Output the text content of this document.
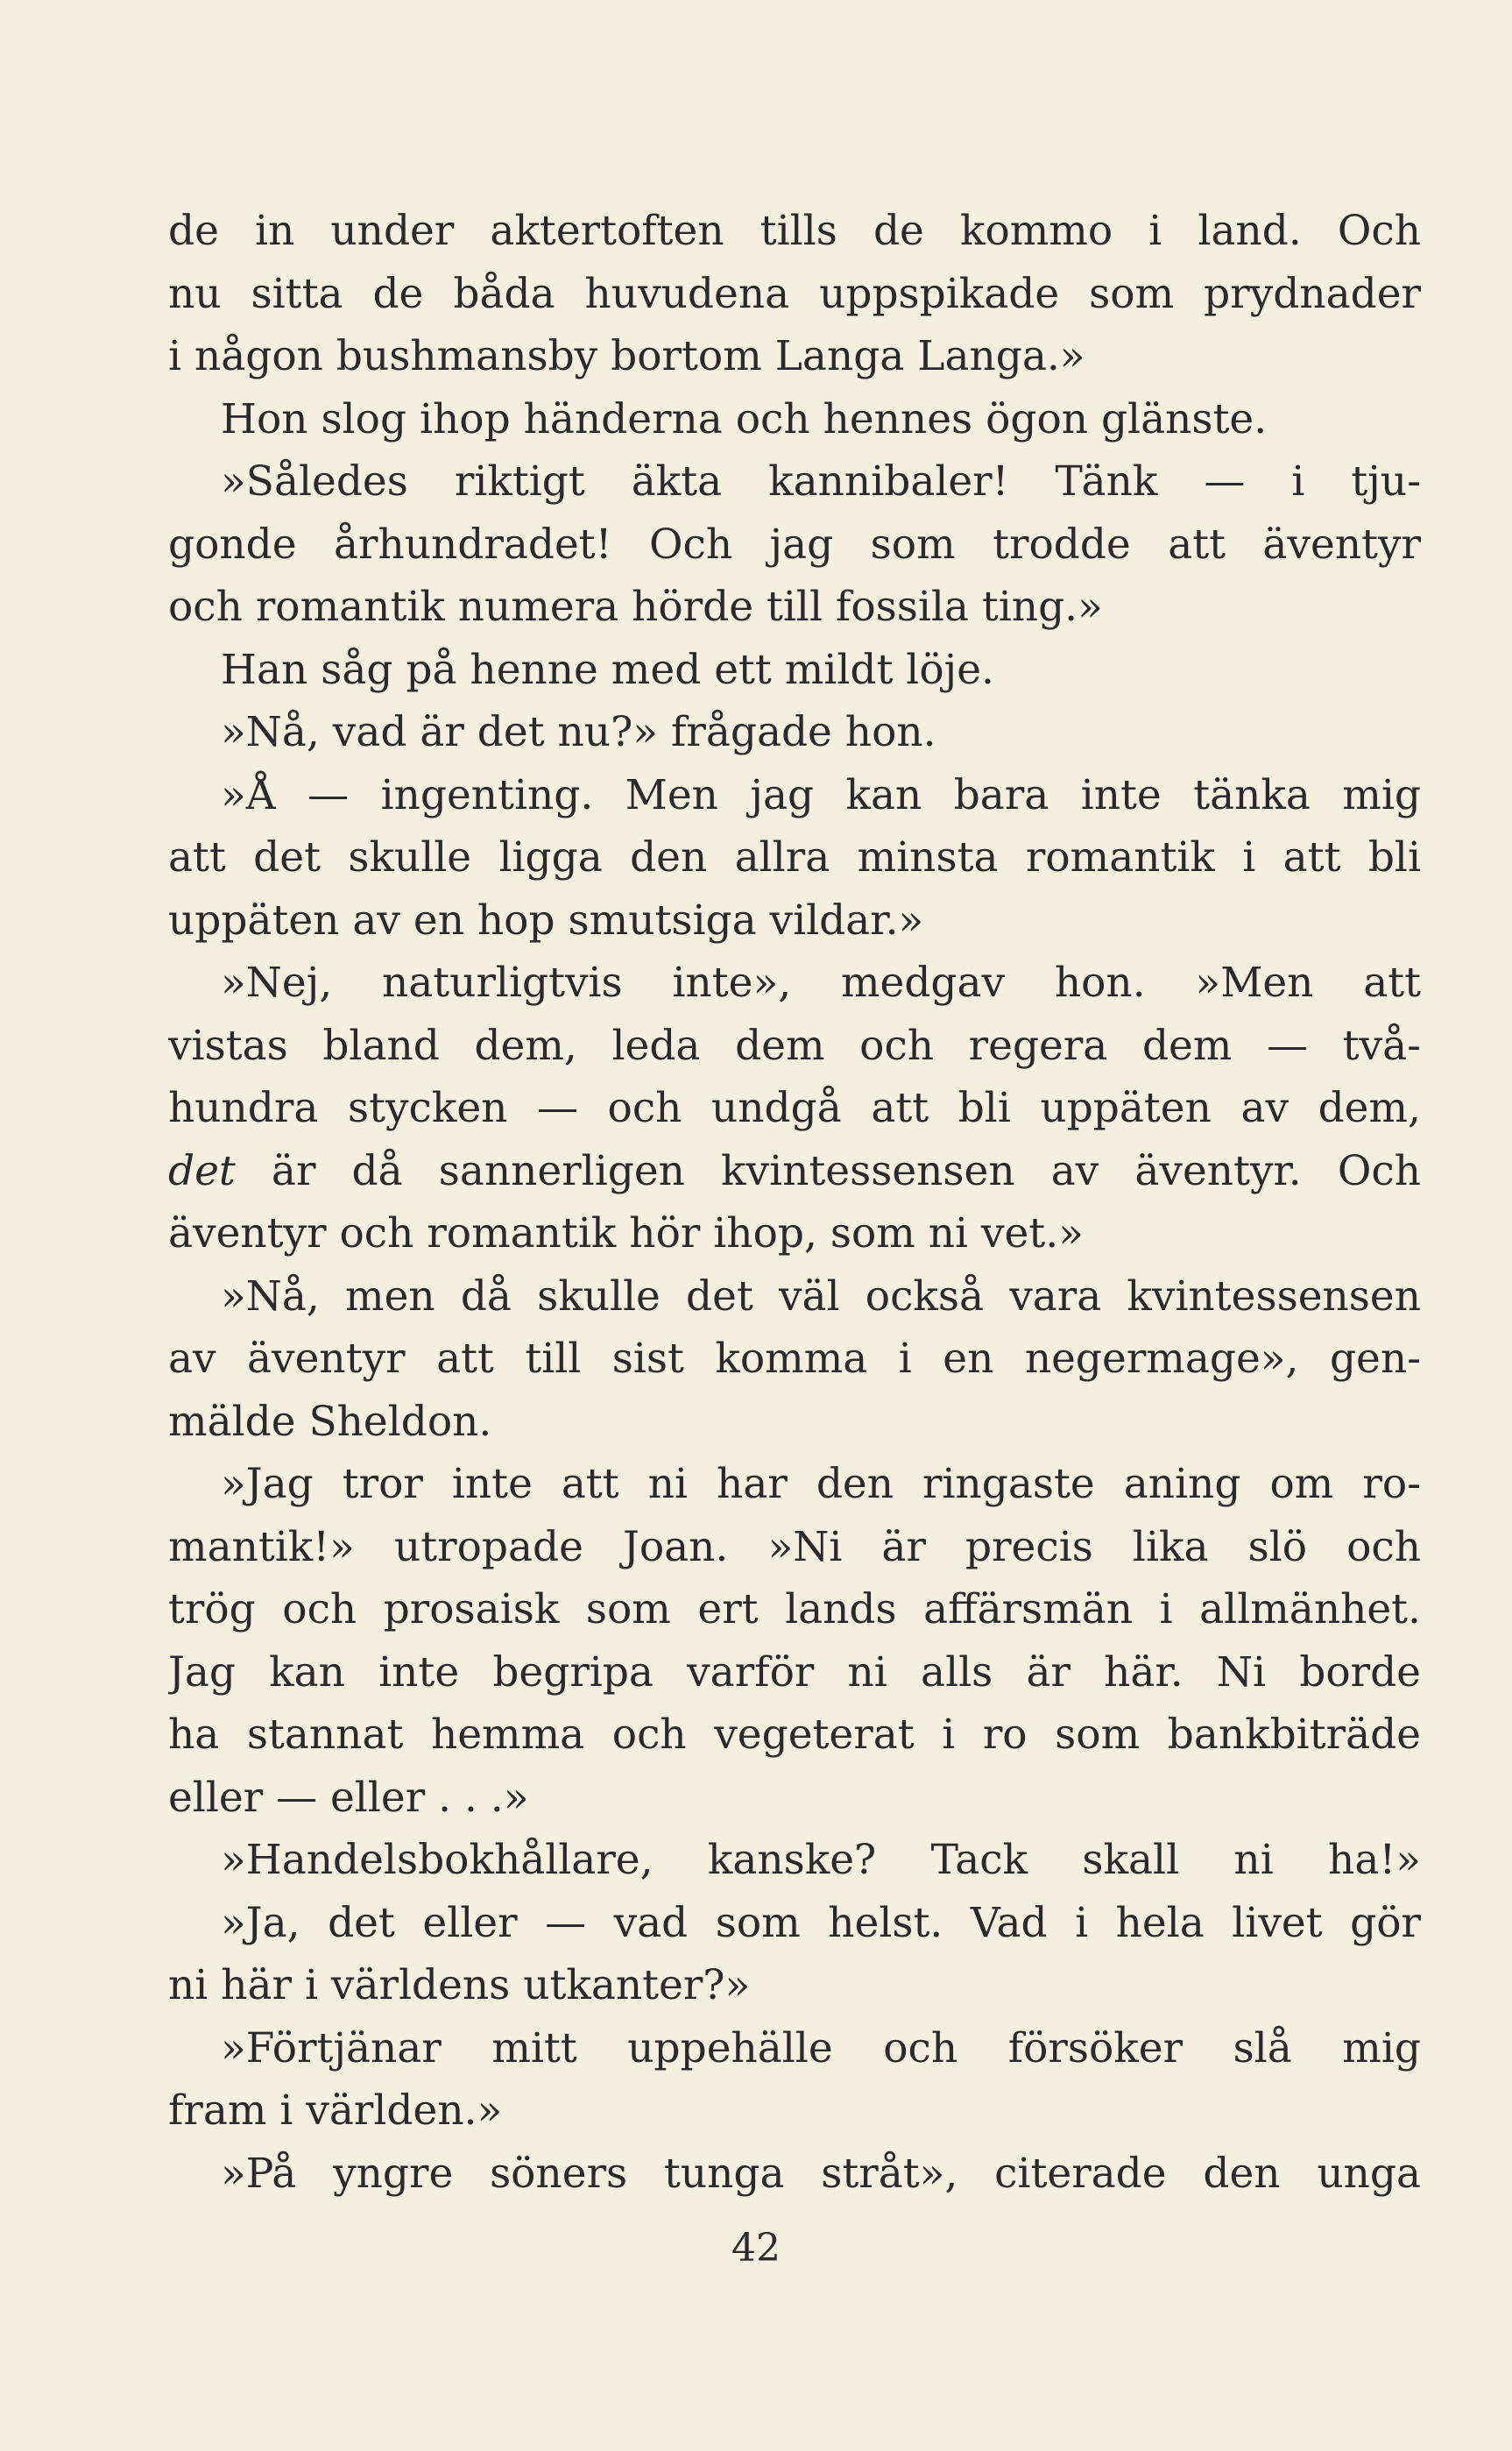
de in under aktertoften tills de kommo i land. Och
nu sitta de båda huvudena uppspikade som prydnader
i någon bushmansby bortom Langa Langa.»
Hon slog ihop händerna och hennes ögon glänste.
»Således riktigt äkta kannibaler! Tänk — i tju-
gonde århundradet! Och jag som trodde att äventyr
och romantik numera hörde till fossila ting.»
Han såg på henne med ett mildt löje.
»Nå, vad är det nu?» frågade hon.
»Å — ingenting. Men jag kan bara inte tänka mig
att det skulle ligga den allra minsta romantik i att bli
uppäten av en hop smutsiga vildar.»
»Nej, naturligtvis inte», medgav hon. »Men att
vistas bland dem, leda dem och regera dem — två-
hundra stycken — och undgå att bli uppäten av dem,
det är då sannerligen kvintessensen av äventyr. Och
äventyr och romantik hör ihop, som ni vet.»
»Nå, men då skulle det väl också vara kvintessensen
av äventyr att till sist komma i en negermage», gen-
mälde Sheldon.
»Jag tror inte att ni har den ringaste aning om ro-
mantik!» utropade Joan. »Ni är precis lika slö och
trög och prosaisk som ert lands affärsmän i allmänhet.
Jag kan inte begripa varför ni alls är här. Ni borde
ha stannat hemma och vegeterat i ro som bankbiträde
eller — eller . . .»
»Handelsbokhållare, kanske? Tack skall ni ha!»
»Ja, det eller — vad som helst. Vad i hela livet gör
ni här i världens utkanter?»
»Förtjänar mitt uppehälle och försöker slå mig
fram i världen.»
»På yngre söners tunga stråt», citerade den unga
42
